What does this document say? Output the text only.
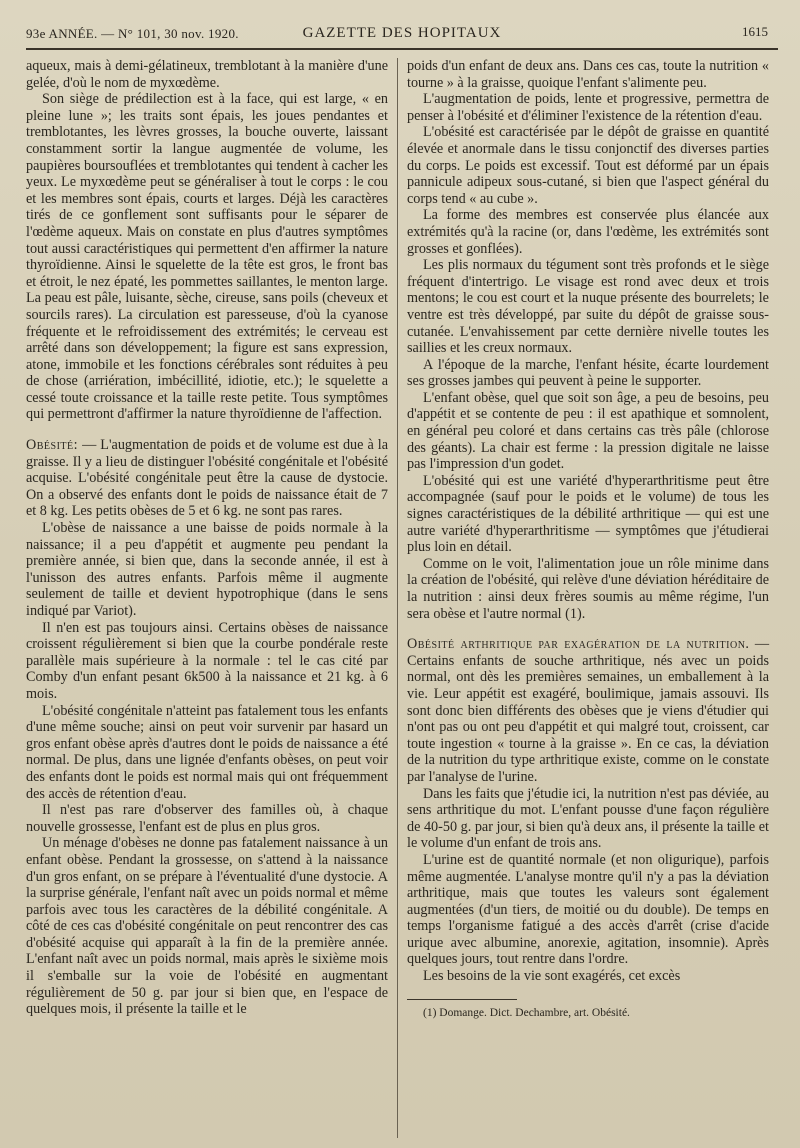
93e ANNÉE. — N° 101, 30 nov. 1920.	GAZETTE DES HOPITAUX	1615

aqueux, mais à demi-gélatineux, tremblotant à la manière d'une gelée, d'où le nom de myxœdème.

Son siège de prédilection est à la face, qui est large, « en pleine lune »; les traits sont épais, les joues pendantes et tremblotantes, les lèvres grosses, la bouche ouverte, laissant constamment sortir la langue augmentée de volume, les paupières boursouflées et tremblotantes qui tendent à cacher les yeux. Le myxœdème peut se généraliser à tout le corps : le cou et les membres sont épais, courts et larges. Déjà les caractères tirés de ce gonflement sont suffisants pour le séparer de l'œdème aqueux. Mais on constate en plus d'autres symptômes tout aussi caractéristiques qui permettent d'en affirmer la nature thyroïdienne. Ainsi le squelette de la tête est gros, le front bas et étroit, le nez épaté, les pommettes saillantes, le menton large. La peau est pâle, luisante, sèche, cireuse, sans poils (cheveux et sourcils rares). La circulation est paresseuse, d'où la cyanose fréquente et le refroidissement des extrémités; le cerveau est arrêté dans son développement; la figure est sans expression, atone, immobile et les fonctions cérébrales sont réduites à peu de chose (arriération, imbécillité, idiotie, etc.); le squelette a cessé toute croissance et la taille reste petite. Tous symptômes qui permettront d'affirmer la nature thyroïdienne de l'affection.

Obésité: — L'augmentation de poids et de volume est due à la graisse. Il y a lieu de distinguer l'obésité congénitale et l'obésité acquise. L'obésité congénitale peut être la cause de dystocie. On a observé des enfants dont le poids de naissance était de 7 et 8 kg. Les petits obèses de 5 et 6 kg. ne sont pas rares.

L'obèse de naissance a une baisse de poids normale à la naissance; il a peu d'appétit et augmente peu pendant la première année, si bien que, dans la seconde année, il est à l'unisson des autres enfants. Parfois même il augmente seulement de taille et devient hypotrophique (dans le sens indiqué par Variot).

Il n'en est pas toujours ainsi. Certains obèses de naissance croissent régulièrement si bien que la courbe pondérale reste parallèle mais supérieure à la normale : tel le cas cité par Comby d'un enfant pesant 6k500 à la naissance et 21 kg. à 6 mois.

L'obésité congénitale n'atteint pas fatalement tous les enfants d'une même souche; ainsi on peut voir survenir par hasard un gros enfant obèse après d'autres dont le poids de naissance a été normal. De plus, dans une lignée d'enfants obèses, on peut voir des enfants dont le poids est normal mais qui ont fréquemment des accès de rétention d'eau.

Il n'est pas rare d'observer des familles où, à chaque nouvelle grossesse, l'enfant est de plus en plus gros.

Un ménage d'obèses ne donne pas fatalement naissance à un enfant obèse. Pendant la grossesse, on s'attend à la naissance d'un gros enfant, on se prépare à l'éventualité d'une dystocie. A la surprise générale, l'enfant naît avec un poids normal et même parfois avec tous les caractères de la débilité congénitale. A côté de ces cas d'obésité congénitale on peut rencontrer des cas d'obésité acquise qui apparaît à la fin de la première année. L'enfant naît avec un poids normal, mais après le sixième mois il s'emballe sur la voie de l'obésité en augmentant régulièrement de 50 g. par jour si bien que, en l'espace de quelques mois, il présente la taille et le

poids d'un enfant de deux ans. Dans ces cas, toute la nutrition « tourne » à la graisse, quoique l'enfant s'alimente peu.

L'augmentation de poids, lente et progressive, permettra de penser à l'obésité et d'éliminer l'existence de la rétention d'eau.

L'obésité est caractérisée par le dépôt de graisse en quantité élevée et anormale dans le tissu conjonctif des diverses parties du corps. Le poids est excessif. Tout est déformé par un épais pannicule adipeux sous-cutané, si bien que l'aspect général du corps tend « au cube ».

La forme des membres est conservée plus élancée aux extrémités qu'à la racine (or, dans l'œdème, les extrémités sont grosses et gonflées).

Les plis normaux du tégument sont très profonds et le siège fréquent d'intertrigo. Le visage est rond avec deux et trois mentons; le cou est court et la nuque présente des bourrelets; le ventre est très développé, par suite du dépôt de graisse sous-cutanée. L'envahissement par cette dernière nivelle toutes les saillies et les creux normaux.

A l'époque de la marche, l'enfant hésite, écarte lourdement ses grosses jambes qui peuvent à peine le supporter.

L'enfant obèse, quel que soit son âge, a peu de besoins, peu d'appétit et se contente de peu : il est apathique et somnolent, en général peu coloré et dans certains cas très pâle (chlorose des géants). La chair est ferme : la pression digitale ne laisse pas l'impression d'un godet.

L'obésité qui est une variété d'hyperarthritisme peut être accompagnée (sauf pour le poids et le volume) de tous les signes caractéristiques de la débilité arthritique — qui est une autre variété d'hyperarthritisme — symptômes que j'étudierai plus loin en détail.

Comme on le voit, l'alimentation joue un rôle minime dans la création de l'obésité, qui relève d'une déviation héréditaire de la nutrition : ainsi deux frères soumis au même régime, l'un sera obèse et l'autre normal (1).

Obésité arthritique par exagération de la nutrition. — Certains enfants de souche arthritique, nés avec un poids normal, ont dès les premières semaines, un emballement à la vie. Leur appétit est exagéré, boulimique, jamais assouvi. Ils sont donc bien différents des obèses que je viens d'étudier qui n'ont pas ou ont peu d'appétit et qui malgré tout, croissent, car toute ingestion « tourne à la graisse ». En ce cas, la déviation de la nutrition du type arthritique existe, comme on le constate par l'analyse de l'urine.

Dans les faits que j'étudie ici, la nutrition n'est pas déviée, au sens arthritique du mot. L'enfant pousse d'une façon régulière de 40-50 g. par jour, si bien qu'à deux ans, il présente la taille et le volume d'un enfant de trois ans.

L'urine est de quantité normale (et non oligurique), parfois même augmentée. L'analyse montre qu'il n'y a pas la déviation arthritique, mais que toutes les valeurs sont également augmentées (d'un tiers, de moitié ou du double). De temps en temps l'organisme fatigué a des accès d'arrêt (crise d'acide urique avec albumine, anorexie, agitation, insomnie). Après quelques jours, tout rentre dans l'ordre.

Les besoins de la vie sont exagérés, cet excès

(1) Domange. Dict. Dechambre, art. Obésité.
